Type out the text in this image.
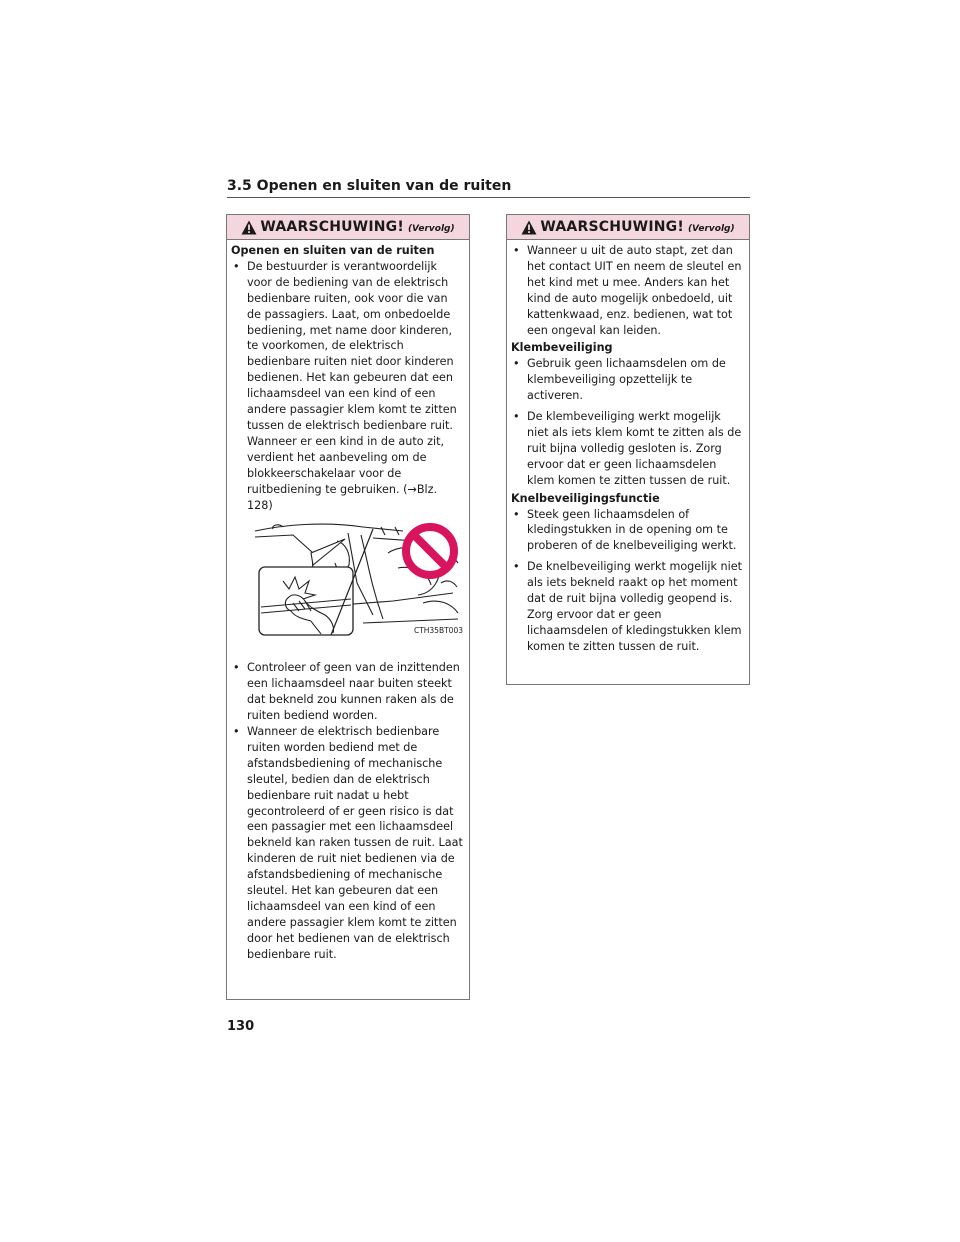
3.5 Openen en sluiten van de ruiten
WAARSCHUWING! (Vervolg)
Openen en sluiten van de ruiten
• De bestuurder is verantwoordelijk voor de bediening van de elektrisch bedienbare ruiten, ook voor die van de passagiers. Laat, om onbedoelde bediening, met name door kinderen, te voorkomen, de elektrisch bedienbare ruiten niet door kinderen bedienen. Het kan gebeuren dat een lichaamsdeel van een kind of een andere passagier klem komt te zitten tussen de elektrisch bedienbare ruit. Wanneer er een kind in de auto zit, verdient het aanbeveling om de blokkeerschakelaar voor de ruitbediening te gebruiken. (→Blz. 128)
CTH35BT003
• Controleer of geen van de inzittenden een lichaamsdeel naar buiten steekt dat bekneld zou kunnen raken als de ruiten bediend worden.
• Wanneer de elektrisch bedienbare ruiten worden bediend met de afstandsbediening of mechanische sleutel, bedien dan de elektrisch bedienbare ruit nadat u hebt gecontroleerd of er geen risico is dat een passagier met een lichaamsdeel bekneld kan raken tussen de ruit. Laat kinderen de ruit niet bedienen via de afstandsbediening of mechanische sleutel. Het kan gebeuren dat een lichaamsdeel van een kind of een andere passagier klem komt te zitten door het bedienen van de elektrisch bedienbare ruit.
WAARSCHUWING! (Vervolg)
• Wanneer u uit de auto stapt, zet dan het contact UIT en neem de sleutel en het kind met u mee. Anders kan het kind de auto mogelijk onbedoeld, uit kattenkwaad, enz. bedienen, wat tot een ongeval kan leiden.
Klembeveiliging
• Gebruik geen lichaamsdelen om de klembeveiliging opzettelijk te activeren.
• De klembeveiliging werkt mogelijk niet als iets klem komt te zitten als de ruit bijna volledig gesloten is. Zorg ervoor dat er geen lichaamsdelen klem komen te zitten tussen de ruit.
Knelbeveiligingsfunctie
• Steek geen lichaamsdelen of kledingstukken in de opening om te proberen of de knelbeveiliging werkt.
• De knelbeveiliging werkt mogelijk niet als iets bekneld raakt op het moment dat de ruit bijna volledig geopend is. Zorg ervoor dat er geen lichaamsdelen of kledingstukken klem komen te zitten tussen de ruit.
130
